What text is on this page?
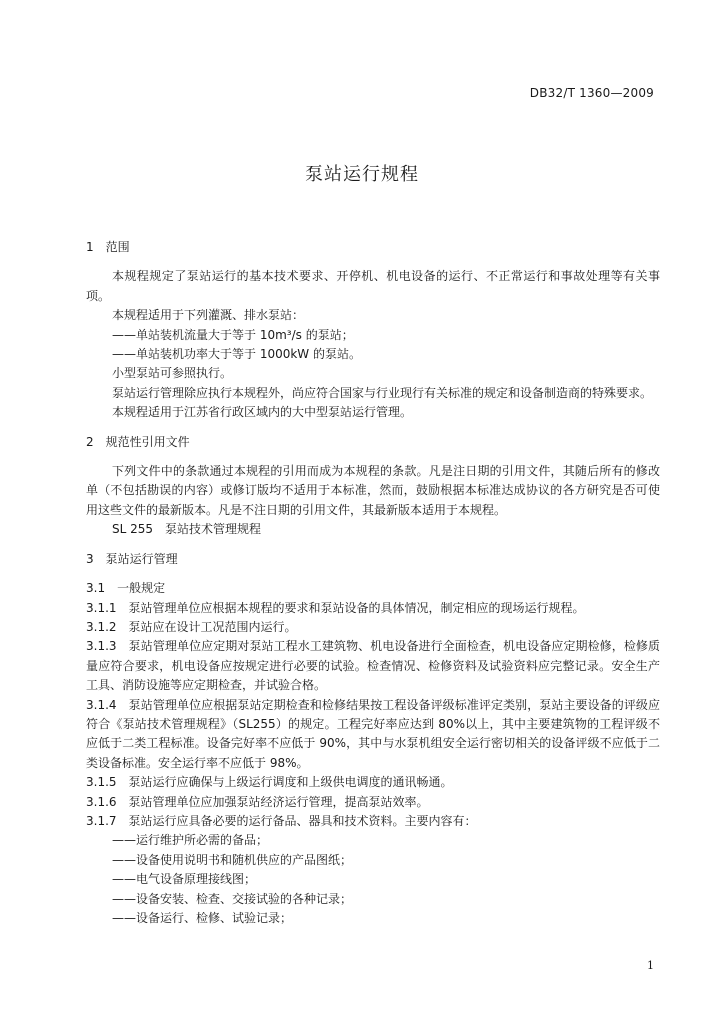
DB32/T 1360—2009
泵站运行规程
1　范围
本规程规定了泵站运行的基本技术要求、开停机、机电设备的运行、不正常运行和事故处理等有关事项。
本规程适用于下列灌溉、排水泵站：
——单站装机流量大于等于 10m³/s 的泵站；
——单站装机功率大于等于 1000kW 的泵站。
小型泵站可参照执行。
泵站运行管理除应执行本规程外，尚应符合国家与行业现行有关标准的规定和设备制造商的特殊要求。
本规程适用于江苏省行政区域内的大中型泵站运行管理。
2　规范性引用文件
下列文件中的条款通过本规程的引用而成为本规程的条款。凡是注日期的引用文件，其随后所有的修改单（不包括勘误的内容）或修订版均不适用于本标准，然而，鼓励根据本标准达成协议的各方研究是否可使用这些文件的最新版本。凡是不注日期的引用文件，其最新版本适用于本规程。
SL 255　泵站技术管理规程
3　泵站运行管理
3.1　一般规定
3.1.1　泵站管理单位应根据本规程的要求和泵站设备的具体情况，制定相应的现场运行规程。
3.1.2　泵站应在设计工况范围内运行。
3.1.3　泵站管理单位应定期对泵站工程水工建筑物、机电设备进行全面检查，机电设备应定期检修，检修质量应符合要求，机电设备应按规定进行必要的试验。检查情况、检修资料及试验资料应完整记录。安全生产工具、消防设施等应定期检查，并试验合格。
3.1.4　泵站管理单位应根据泵站定期检查和检修结果按工程设备评级标准评定类别，泵站主要设备的评级应符合《泵站技术管理规程》（SL255）的规定。工程完好率应达到 80%以上，其中主要建筑物的工程评级不应低于二类工程标准。设备完好率不应低于 90%，其中与水泵机组安全运行密切相关的设备评级不应低于二类设备标准。安全运行率不应低于 98%。
3.1.5　泵站运行应确保与上级运行调度和上级供电调度的通讯畅通。
3.1.6　泵站管理单位应加强泵站经济运行管理，提高泵站效率。
3.1.7　泵站运行应具备必要的运行备品、器具和技术资料。主要内容有：
——运行维护所必需的备品；
——设备使用说明书和随机供应的产品图纸；
——电气设备原理接线图；
——设备安装、检查、交接试验的各种记录；
——设备运行、检修、试验记录；
1
